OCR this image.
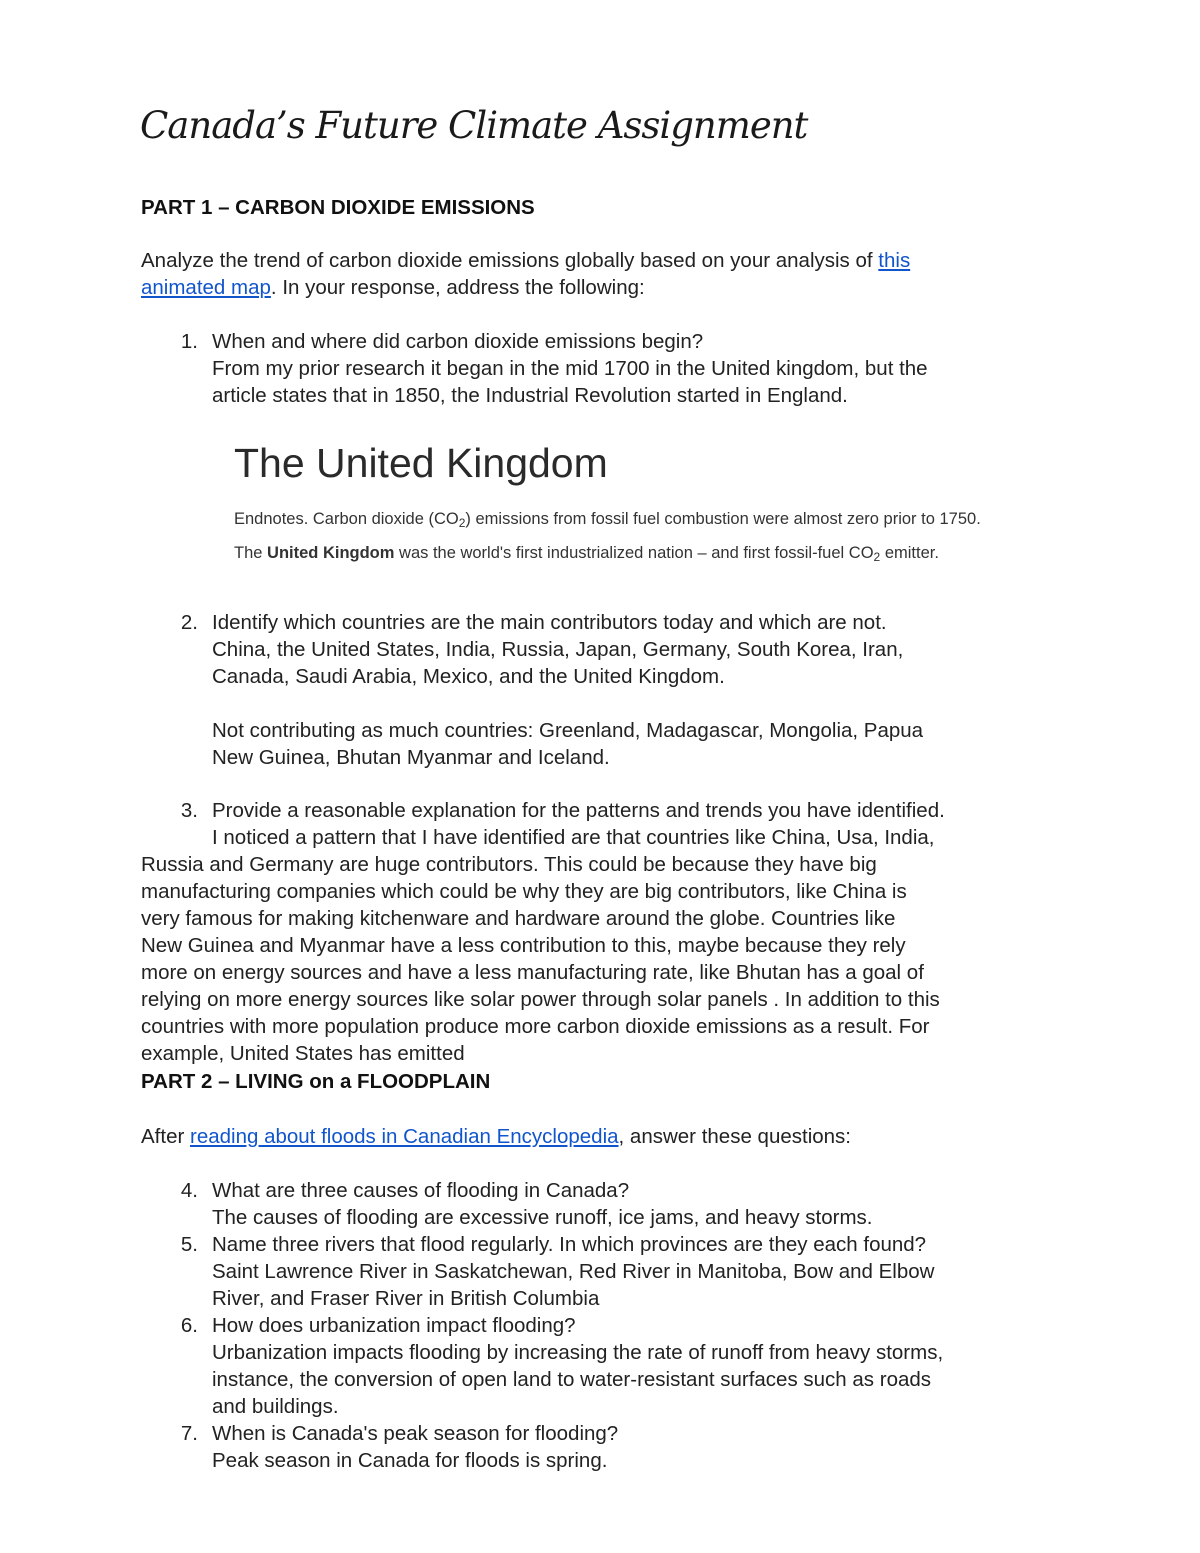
Canada’s Future Climate Assignment
PART 1 – CARBON DIOXIDE EMISSIONS
Analyze the trend of carbon dioxide emissions globally based on your analysis of this
animated map. In your response, address the following:
1. When and where did carbon dioxide emissions begin?
From my prior research it began in the mid 1700 in the United kingdom, but the
article states that in 1850, the Industrial Revolution started in England.
The United Kingdom
Endnotes. Carbon dioxide $(CO_2)$ emissions from fossil fuel combustion were almost zero prior to 1750.
The United Kingdom was the world's first industrialized nation – and first fossil-fuel $CO_2$ emitter.
2. Identify which countries are the main contributors today and which are not.
China, the United States, India, Russia, Japan, Germany, South Korea, Iran,
Canada, Saudi Arabia, Mexico, and the United Kingdom.
Not contributing as much countries: Greenland, Madagascar, Mongolia, Papua
New Guinea, Bhutan Myanmar and Iceland.
3. Provide a reasonable explanation for the patterns and trends you have identified.
I noticed a pattern that I have identified are that countries like China, Usa, India,
Russia and Germany are huge contributors. This could be because they have big
manufacturing companies which could be why they are big contributors, like China is
very famous for making kitchenware and hardware around the globe. Countries like
New Guinea and Myanmar have a less contribution to this, maybe because they rely
more on energy sources and have a less manufacturing rate, like Bhutan has a goal of
relying on more energy sources like solar power through solar panels . In addition to this
countries with more population produce more carbon dioxide emissions as a result. For
example, United States has emitted
PART 2 – LIVING on a FLOODPLAIN
After reading about floods in Canadian Encyclopedia, answer these questions:
4. What are three causes of flooding in Canada?
The causes of flooding are excessive runoff, ice jams, and heavy storms.
5. Name three rivers that flood regularly. In which provinces are they each found?
Saint Lawrence River in Saskatchewan, Red River in Manitoba, Bow and Elbow
River, and Fraser River in British Columbia
6. How does urbanization impact flooding?
Urbanization impacts flooding by increasing the rate of runoff from heavy storms,
instance, the conversion of open land to water-resistant surfaces such as roads
and buildings.
7. When is Canada's peak season for flooding?
Peak season in Canada for floods is spring.
